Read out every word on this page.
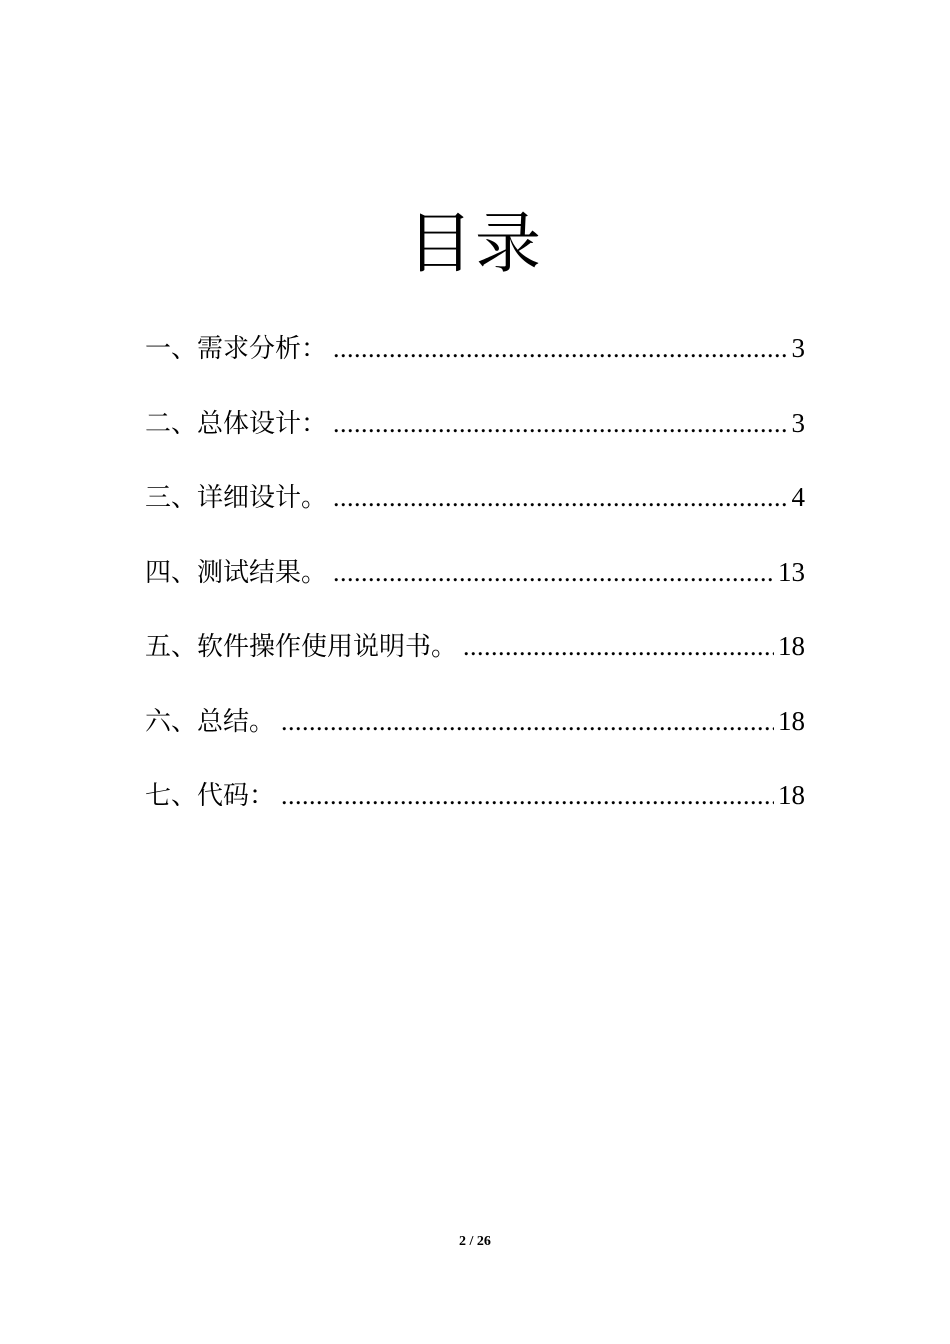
目录
一、需求分析： .....	3
二、总体设计： .....	3
三、详细设计。 .....	4
四、测试结果。 .....	13
五、软件操作使用说明书。 .....	18
六、总结。 .....	18
七、代码： .....	18
2 / 26
